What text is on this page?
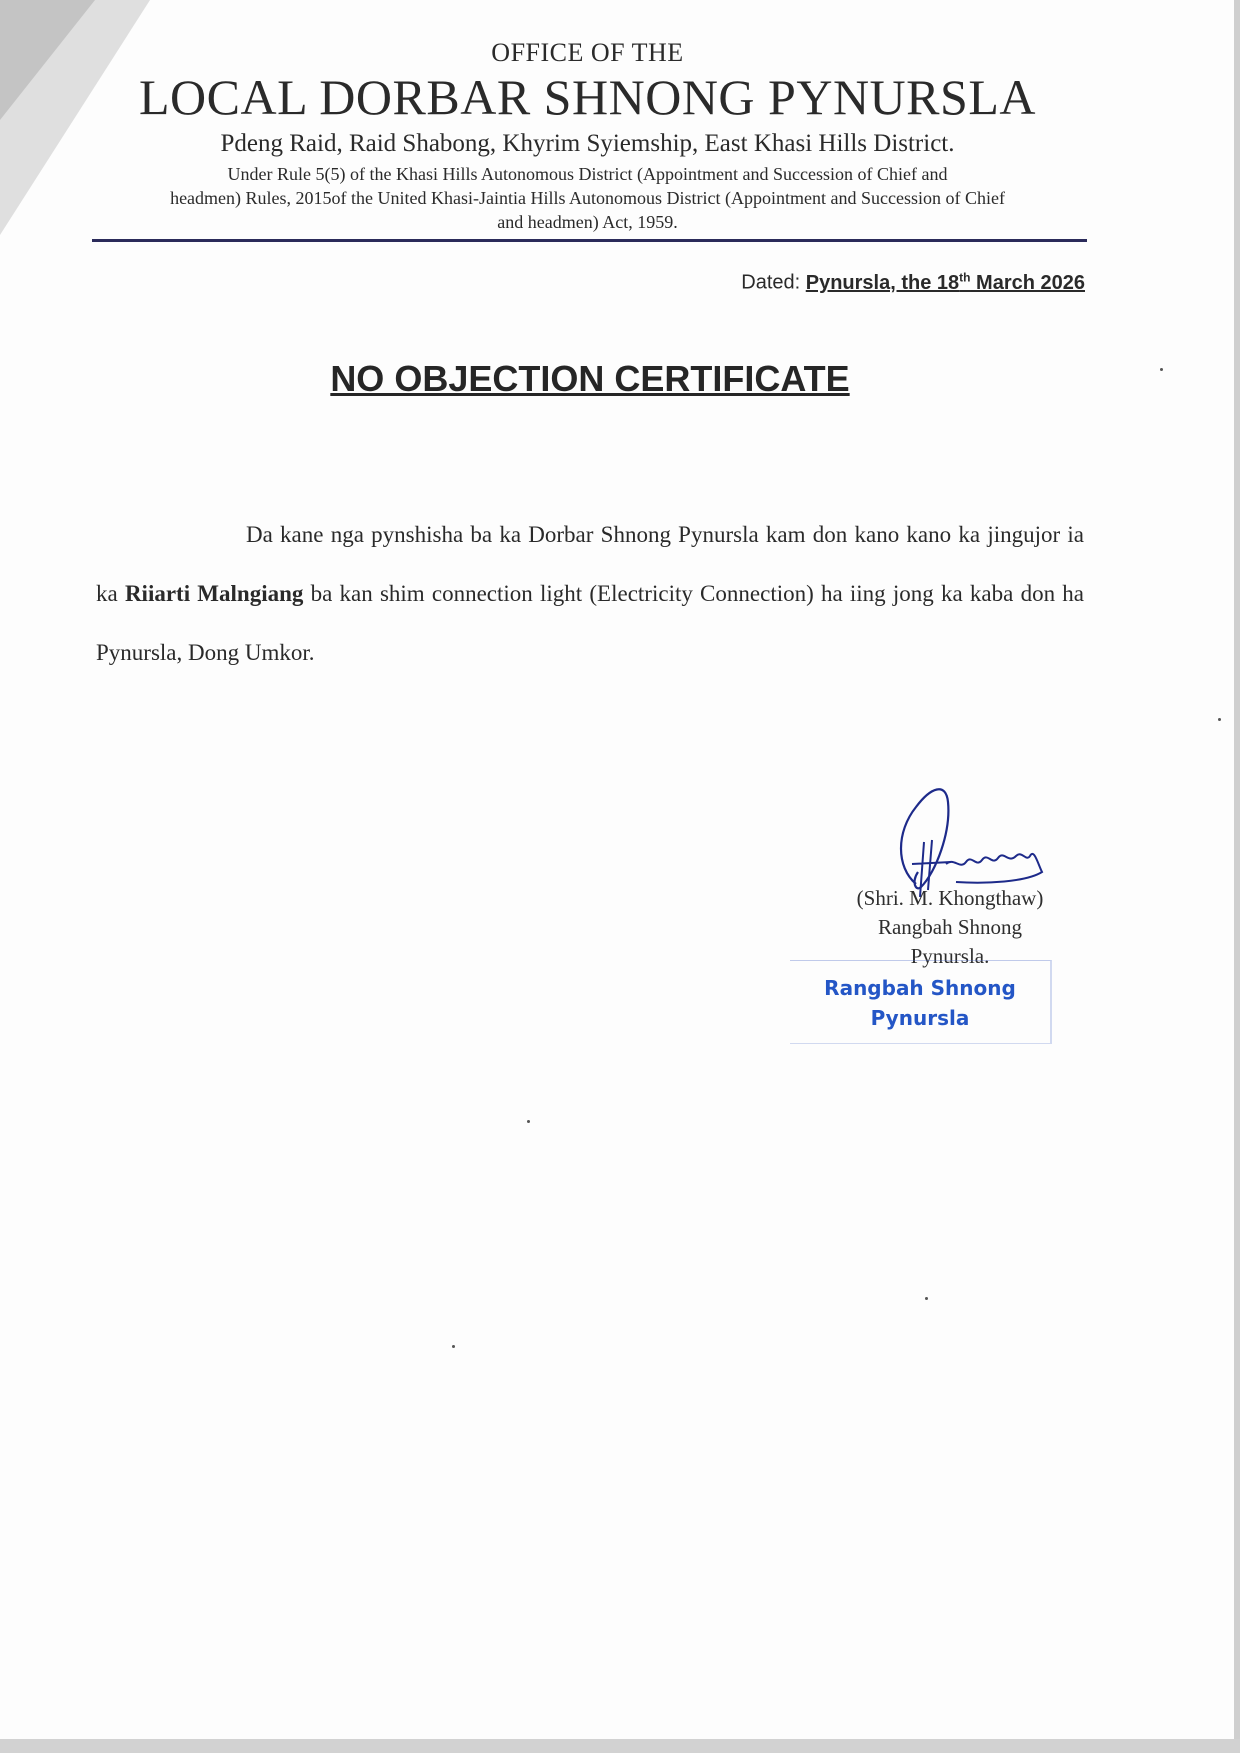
OFFICE OF THE
LOCAL DORBAR SHNONG PYNURSLA
Pdeng Raid, Raid Shabong, Khyrim Syiemship, East Khasi Hills District.
Under Rule 5(5) of the Khasi Hills Autonomous District (Appointment and Succession of Chief and
headmen) Rules, 2015of the United Khasi-Jaintia Hills Autonomous District (Appointment and Succession of Chief
and headmen) Act, 1959.
Dated: Pynursla, the 18th March 2026
NO OBJECTION CERTIFICATE
Da kane nga pynshisha ba ka Dorbar Shnong Pynursla kam don kano kano ka jingujor ia ka Riiarti Malngiang ba kan shim connection light (Electricity Connection) ha iing jong ka kaba don ha Pynursla, Dong Umkor.
(Shri. M. Khongthaw)
Rangbah Shnong
Pynursla.
Rangbah Shnong
Pynursla
